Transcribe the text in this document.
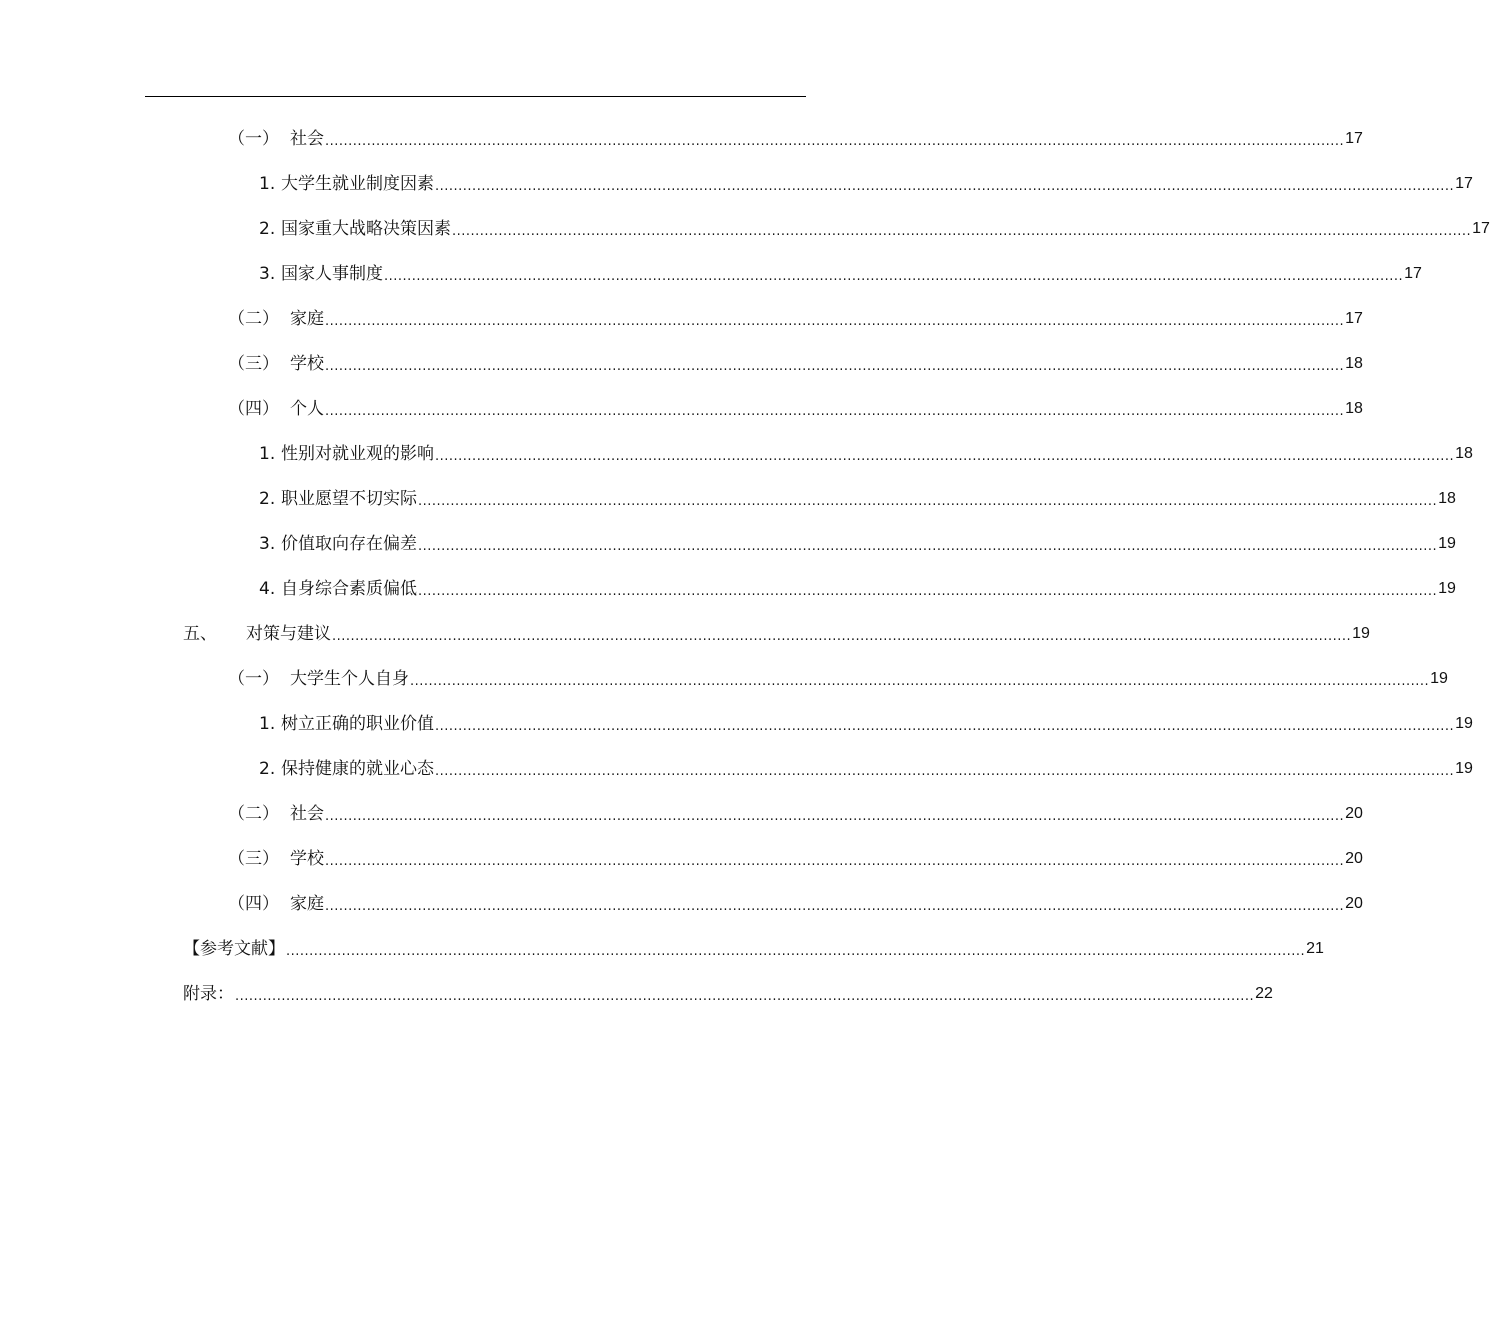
（一） 社会 ............................................................................................................................................................................................................................ 17
1. 大学生就业制度因素 ............................................................................................................................................................................................................................ 17
2. 国家重大战略决策因素 ............................................................................................................................................................................................................................ 17
3. 国家人事制度 ............................................................................................................................................................................................................................ 17
（二） 家庭 ............................................................................................................................................................................................................................ 17
（三） 学校 ............................................................................................................................................................................................................................ 18
（四） 个人 ............................................................................................................................................................................................................................ 18
1. 性别对就业观的影响 ............................................................................................................................................................................................................................ 18
2. 职业愿望不切实际 ............................................................................................................................................................................................................................ 18
3. 价值取向存在偏差 ............................................................................................................................................................................................................................ 19
4. 自身综合素质偏低 ............................................................................................................................................................................................................................ 19
五、	对策与建议 ............................................................................................................................................................................................................................ 19
（一） 大学生个人自身 ............................................................................................................................................................................................................................ 19
1. 树立正确的职业价值 ............................................................................................................................................................................................................................ 19
2. 保持健康的就业心态 ............................................................................................................................................................................................................................ 19
（二） 社会 ............................................................................................................................................................................................................................ 20
（三） 学校 ............................................................................................................................................................................................................................ 20
（四） 家庭 ............................................................................................................................................................................................................................ 20
【参考文献】 ............................................................................................................................................................................................................................ 21
附录： ............................................................................................................................................................................................................................ 22
